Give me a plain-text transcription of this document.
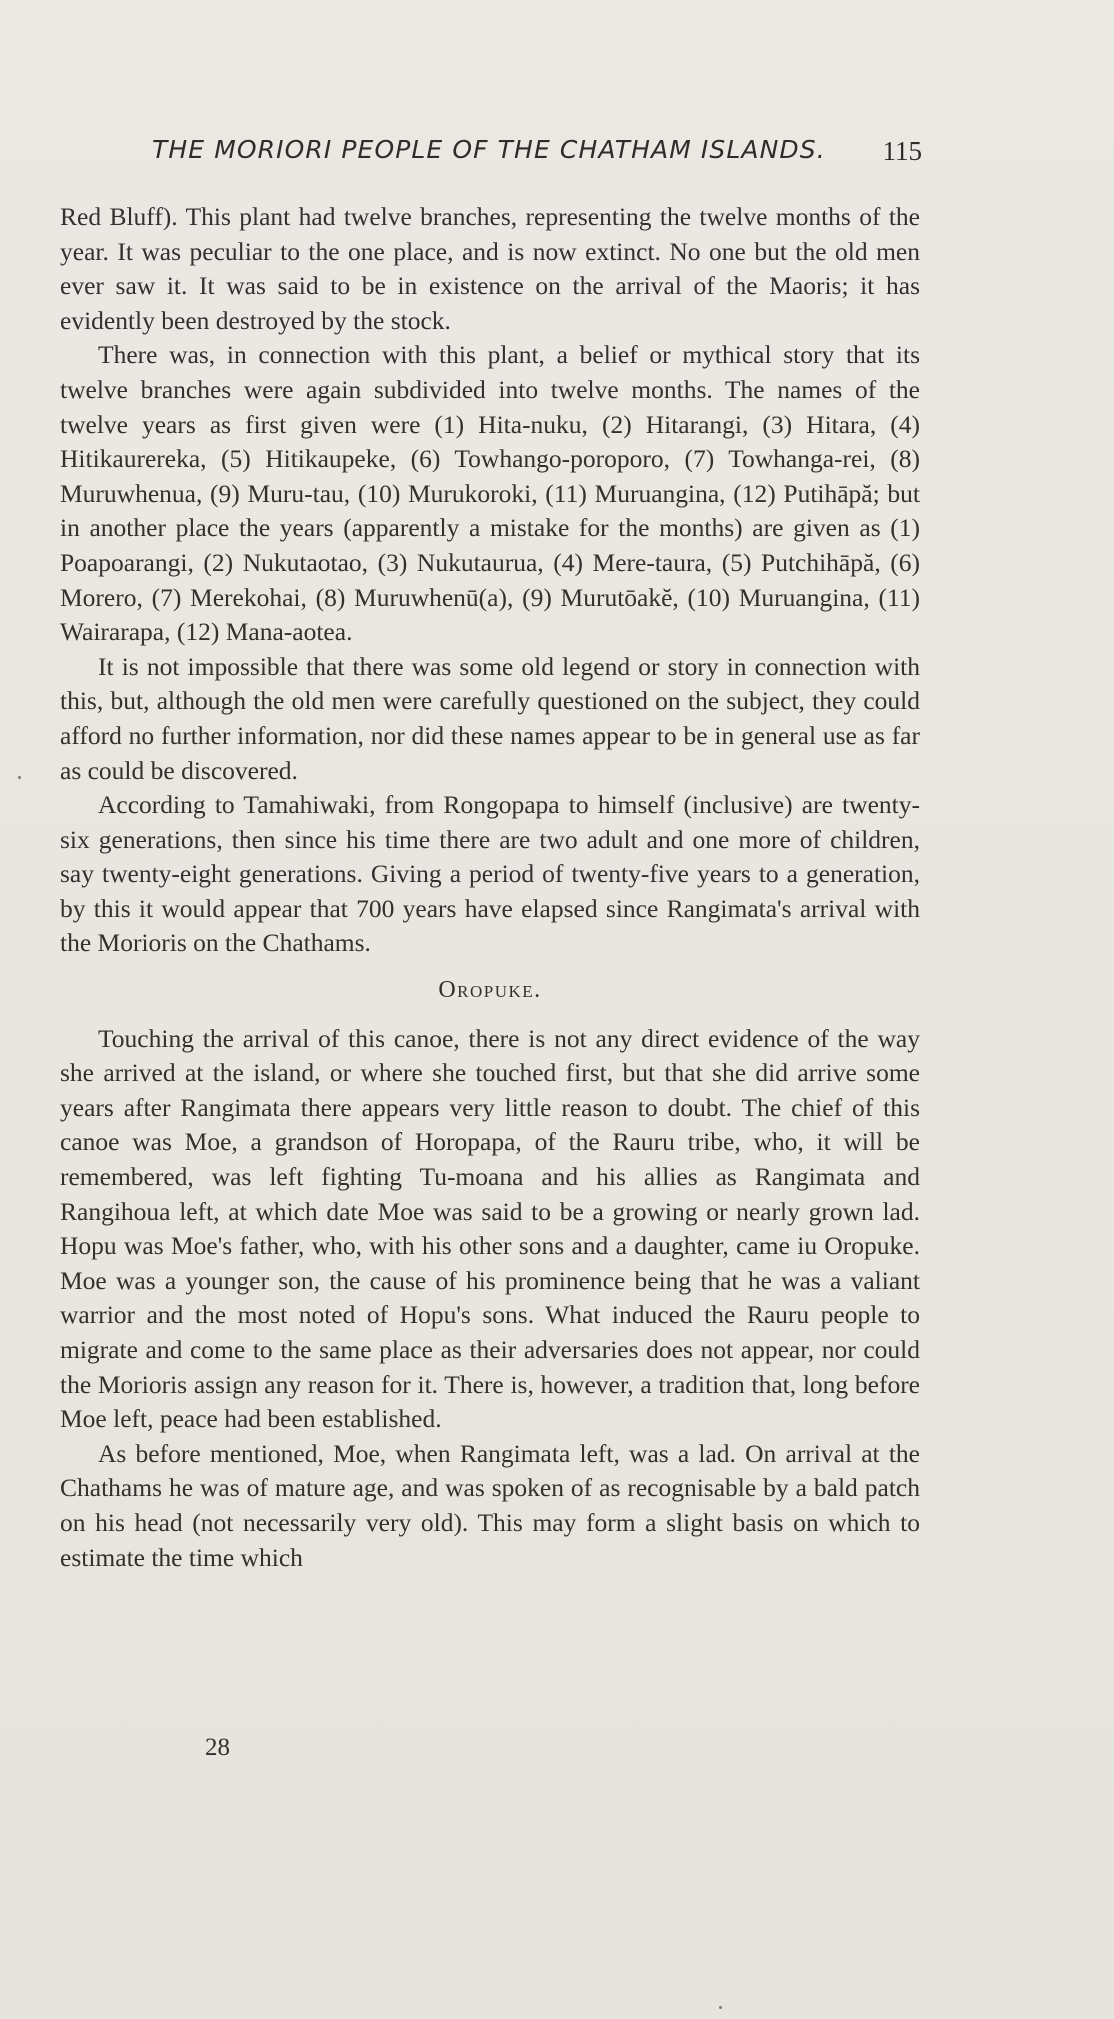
THE MORIORI PEOPLE OF THE CHATHAM ISLANDS. 115

Red Bluff). This plant had twelve branches, representing the twelve months of the year. It was peculiar to the one place, and is now extinct. No one but the old men ever saw it. It was said to be in existence on the arrival of the Maoris; it has evidently been destroyed by the stock.

There was, in connection with this plant, a belief or mythical story that its twelve branches were again subdivided into twelve months. The names of the twelve years as first given were (1) Hita-nuku, (2) Hitarangi, (3) Hitara, (4) Hitikaurereka, (5) Hitikaupeke, (6) Towhango-poroporo, (7) Towhanga-rei, (8) Muruwhenua, (9) Muru-tau, (10) Murukoroki, (11) Muruangina, (12) Putihāpă; but in another place the years (apparently a mistake for the months) are given as (1) Poapoarangi, (2) Nukutaotao, (3) Nukutaurua, (4) Mere-taura, (5) Putchihāpă, (6) Morero, (7) Merekohai, (8) Muruwhenū(a), (9) Murutōakĕ, (10) Muruangina, (11) Wairarapa, (12) Mana-aotea.

It is not impossible that there was some old legend or story in connection with this, but, although the old men were carefully questioned on the subject, they could afford no further information, nor did these names appear to be in general use as far as could be discovered.

According to Tamahiwaki, from Rongopapa to himself (inclusive) are twenty-six generations, then since his time there are two adult and one more of children, say twenty-eight generations. Giving a period of twenty-five years to a generation, by this it would appear that 700 years have elapsed since Rangimata's arrival with the Morioris on the Chathams.

Oropuke.

Touching the arrival of this canoe, there is not any direct evidence of the way she arrived at the island, or where she touched first, but that she did arrive some years after Rangimata there appears very little reason to doubt. The chief of this canoe was Moe, a grandson of Horopapa, of the Rauru tribe, who, it will be remembered, was left fighting Tu-moana and his allies as Rangimata and Rangihoua left, at which date Moe was said to be a growing or nearly grown lad. Hopu was Moe's father, who, with his other sons and a daughter, came iu Oropuke. Moe was a younger son, the cause of his prominence being that he was a valiant warrior and the most noted of Hopu's sons. What induced the Rauru people to migrate and come to the same place as their adversaries does not appear, nor could the Morioris assign any reason for it. There is, however, a tradition that, long before Moe left, peace had been established.

As before mentioned, Moe, when Rangimata left, was a lad. On arrival at the Chathams he was of mature age, and was spoken of as recognisable by a bald patch on his head (not necessarily very old). This may form a slight basis on which to estimate the time which

28
